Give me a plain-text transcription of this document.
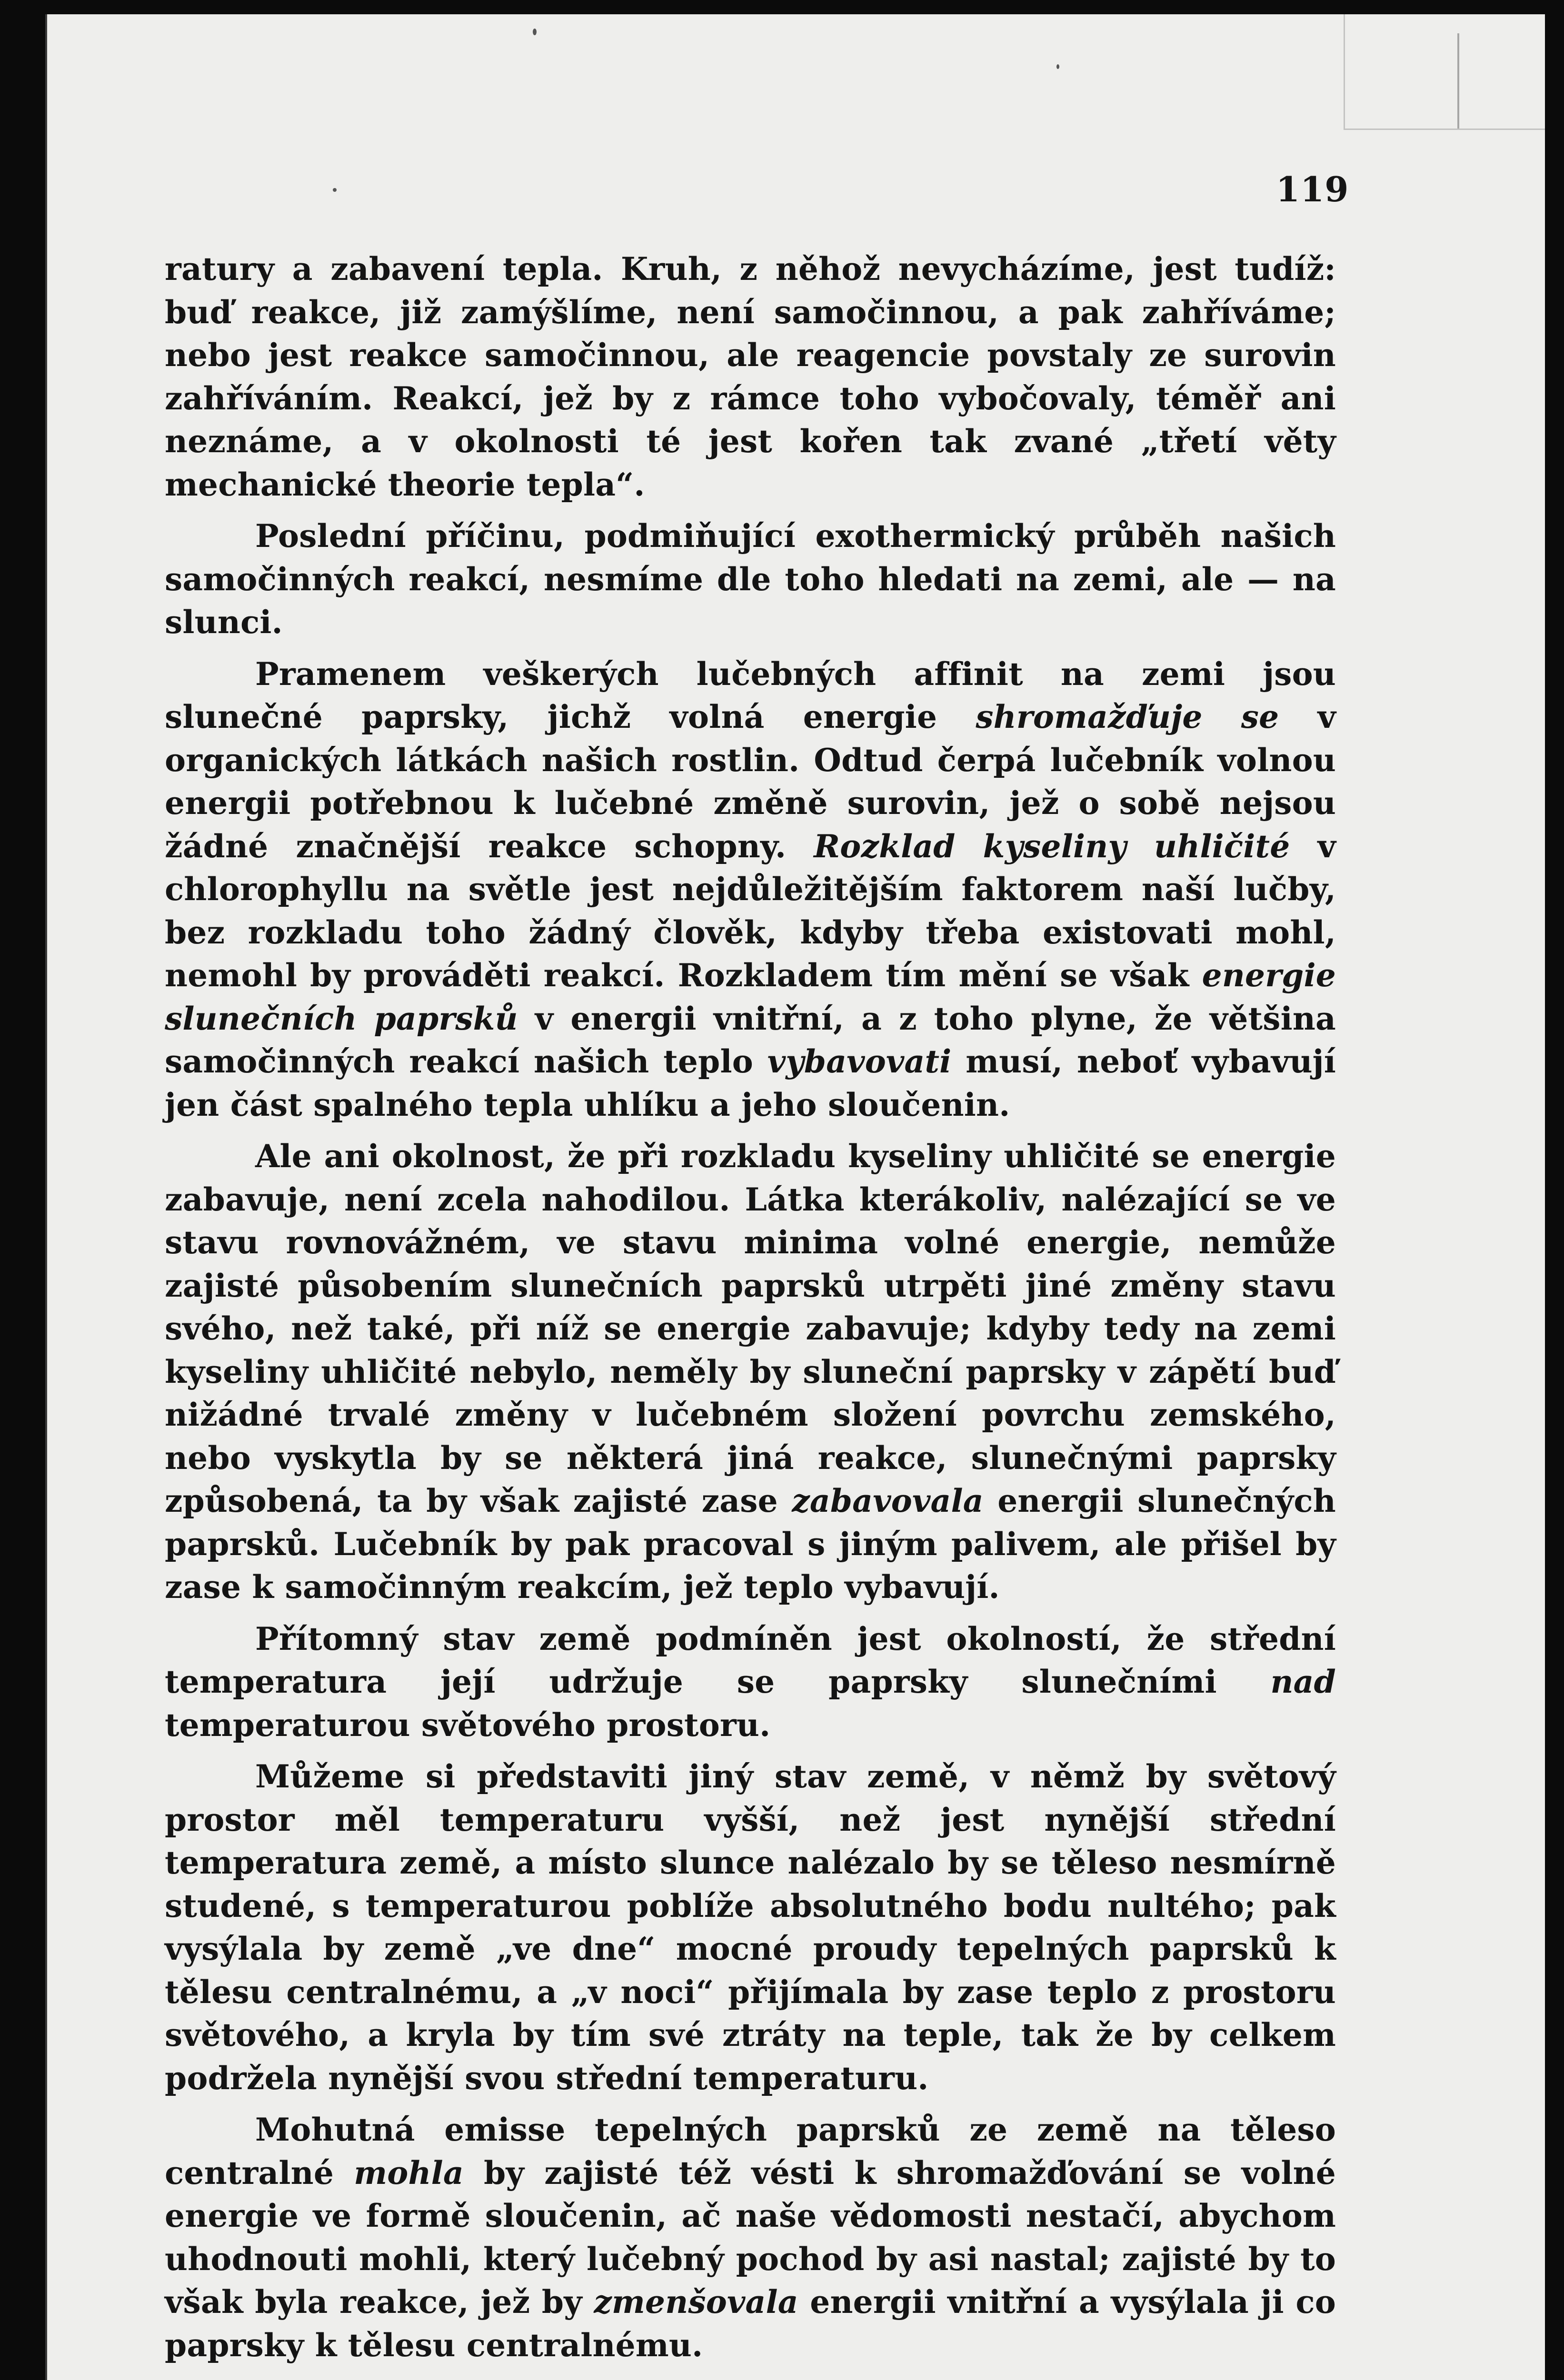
119

ratury a zabavení tepla. Kruh, z něhož nevycházíme, jest tudíž: buď reakce, již zamýšlíme, není samočinnou, a pak zahříváme; nebo jest reakce samočinnou, ale reagencie povstaly ze surovin zahříváním. Reakcí, jež by z rámce toho vybočovaly, téměř ani neznáme, a v okolnosti té jest kořen tak zvané „třetí věty mechanické theorie tepla“.

Poslední příčinu, podmiňující exothermický průběh našich samočinných reakcí, nesmíme dle toho hledati na zemi, ale — na slunci.

Pramenem veškerých lučebných affinit na zemi jsou slunečné paprsky, jichž volná energie shromažďuje se v organických látkách našich rostlin. Odtud čerpá lučebník volnou energii potřebnou k lučebné změně surovin, jež o sobě nejsou žádné značnější reakce schopny. Rozklad kyseliny uhličité v chlorophyllu na světle jest nejdůležitějším faktorem naší lučby, bez rozkladu toho žádný člověk, kdyby třeba existovati mohl, nemohl by prováděti reakcí. Rozkladem tím mění se však energie slunečních paprsků v energii vnitřní, a z toho plyne, že většina samočinných reakcí našich teplo vybavovati musí, neboť vybavují jen část spalného tepla uhlíku a jeho sloučenin.

Ale ani okolnost, že při rozkladu kyseliny uhličité se energie zabavuje, není zcela nahodilou. Látka kterákoliv, nalézající se ve stavu rovnovážném, ve stavu minima volné energie, nemůže zajisté působením slunečních paprsků utrpěti jiné změny stavu svého, než také, při níž se energie zabavuje; kdyby tedy na zemi kyseliny uhličité nebylo, neměly by sluneční paprsky v zápětí buď nižádné trvalé změny v lučebném složení povrchu zemského, nebo vyskytla by se některá jiná reakce, slunečnými paprsky způsobená, ta by však zajisté zase zabavovala energii slunečných paprsků. Lučebník by pak pracoval s jiným palivem, ale přišel by zase k samočinným reakcím, jež teplo vybavují.

Přítomný stav země podmíněn jest okolností, že střední temperatura její udržuje se paprsky slunečními nad temperaturou světového prostoru.

Můžeme si představiti jiný stav země, v němž by světový prostor měl temperaturu vyšší, než jest nynější střední temperatura země, a místo slunce nalézalo by se těleso nesmírně studené, s temperaturou poblíže absolutného bodu nultého; pak vysýlala by země „ve dne“ mocné proudy tepelných paprsků k tělesu centralnému, a „v noci“ přijímala by zase teplo z prostoru světového, a kryla by tím své ztráty na teple, tak že by celkem podržela nynější svou střední temperaturu.

Mohutná emisse tepelných paprsků ze země na těleso centralné mohla by zajisté též vésti k shromažďování se volné energie ve formě sloučenin, ač naše vědomosti nestačí, abychom uhodnouti mohli, který lučebný pochod by asi nastal; zajisté by to však byla reakce, jež by zmenšovala energii vnitřní a vysýlala ji co paprsky k tělesu centralnému.
